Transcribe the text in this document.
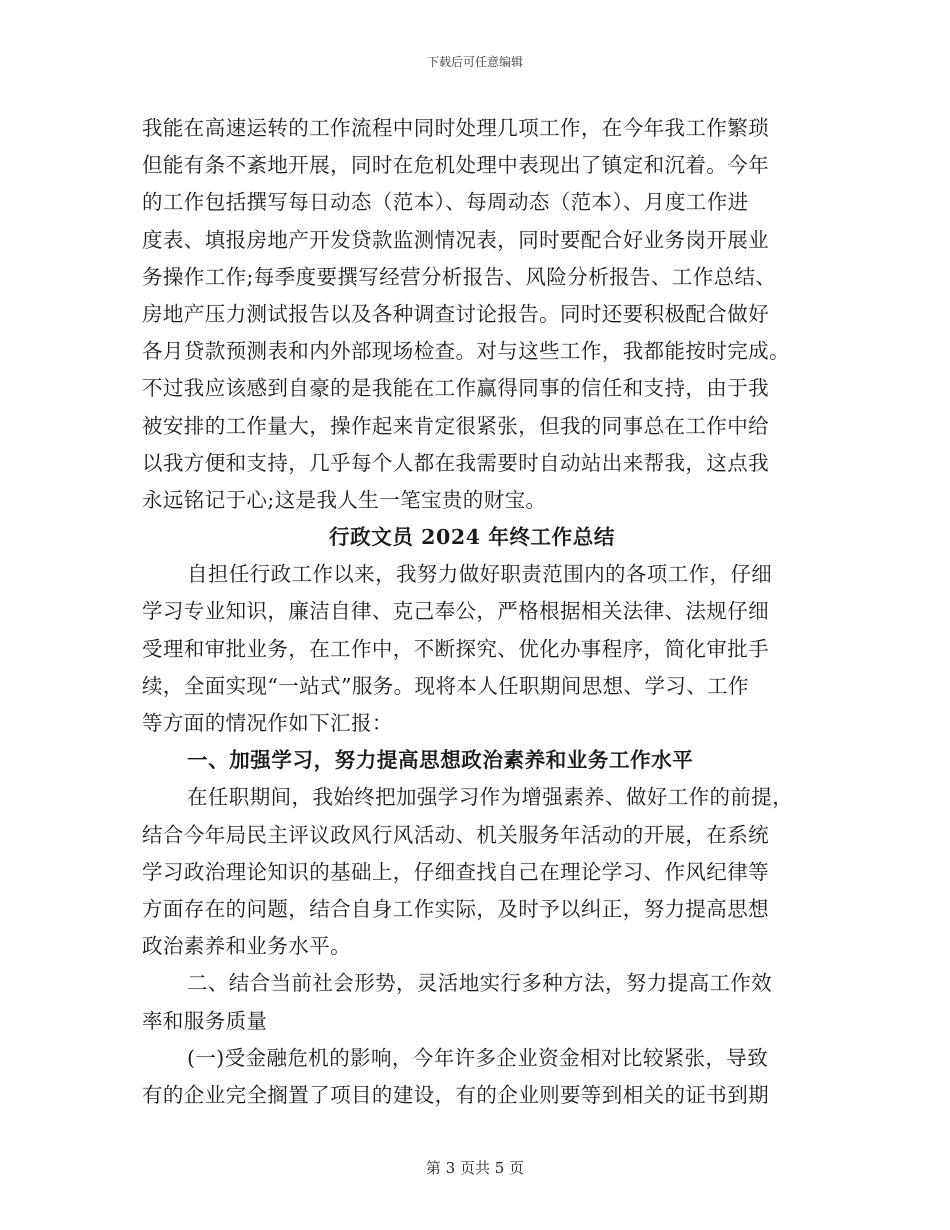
下载后可任意编辑
我能在高速运转的工作流程中同时处理几项工作，在今年我工作繁琐
但能有条不紊地开展，同时在危机处理中表现出了镇定和沉着。今年
的工作包括撰写每日动态（范本）、每周动态（范本）、月度工作进
度表、填报房地产开发贷款监测情况表，同时要配合好业务岗开展业
务操作工作;每季度要撰写经营分析报告、风险分析报告、工作总结、
房地产压力测试报告以及各种调查讨论报告。同时还要积极配合做好
各月贷款预测表和内外部现场检查。对与这些工作，我都能按时完成。
不过我应该感到自豪的是我能在工作赢得同事的信任和支持，由于我
被安排的工作量大，操作起来肯定很紧张，但我的同事总在工作中给
以我方便和支持，几乎每个人都在我需要时自动站出来帮我，这点我
永远铭记于心;这是我人生一笔宝贵的财宝。
行政文员 2024 年终工作总结
自担任行政工作以来，我努力做好职责范围内的各项工作，仔细
学习专业知识，廉洁自律、克己奉公，严格根据相关法律、法规仔细
受理和审批业务，在工作中，不断探究、优化办事程序，简化审批手
续，全面实现“一站式”服务。现将本人任职期间思想、学习、工作
等方面的情况作如下汇报：
一、加强学习，努力提高思想政治素养和业务工作水平
在任职期间，我始终把加强学习作为增强素养、做好工作的前提，
结合今年局民主评议政风行风活动、机关服务年活动的开展，在系统
学习政治理论知识的基础上，仔细查找自己在理论学习、作风纪律等
方面存在的问题，结合自身工作实际，及时予以纠正，努力提高思想
政治素养和业务水平。
二、结合当前社会形势，灵活地实行多种方法，努力提高工作效
率和服务质量
(一)受金融危机的影响，今年许多企业资金相对比较紧张，导致
有的企业完全搁置了项目的建设，有的企业则要等到相关的证书到期
第 3 页共 5 页
